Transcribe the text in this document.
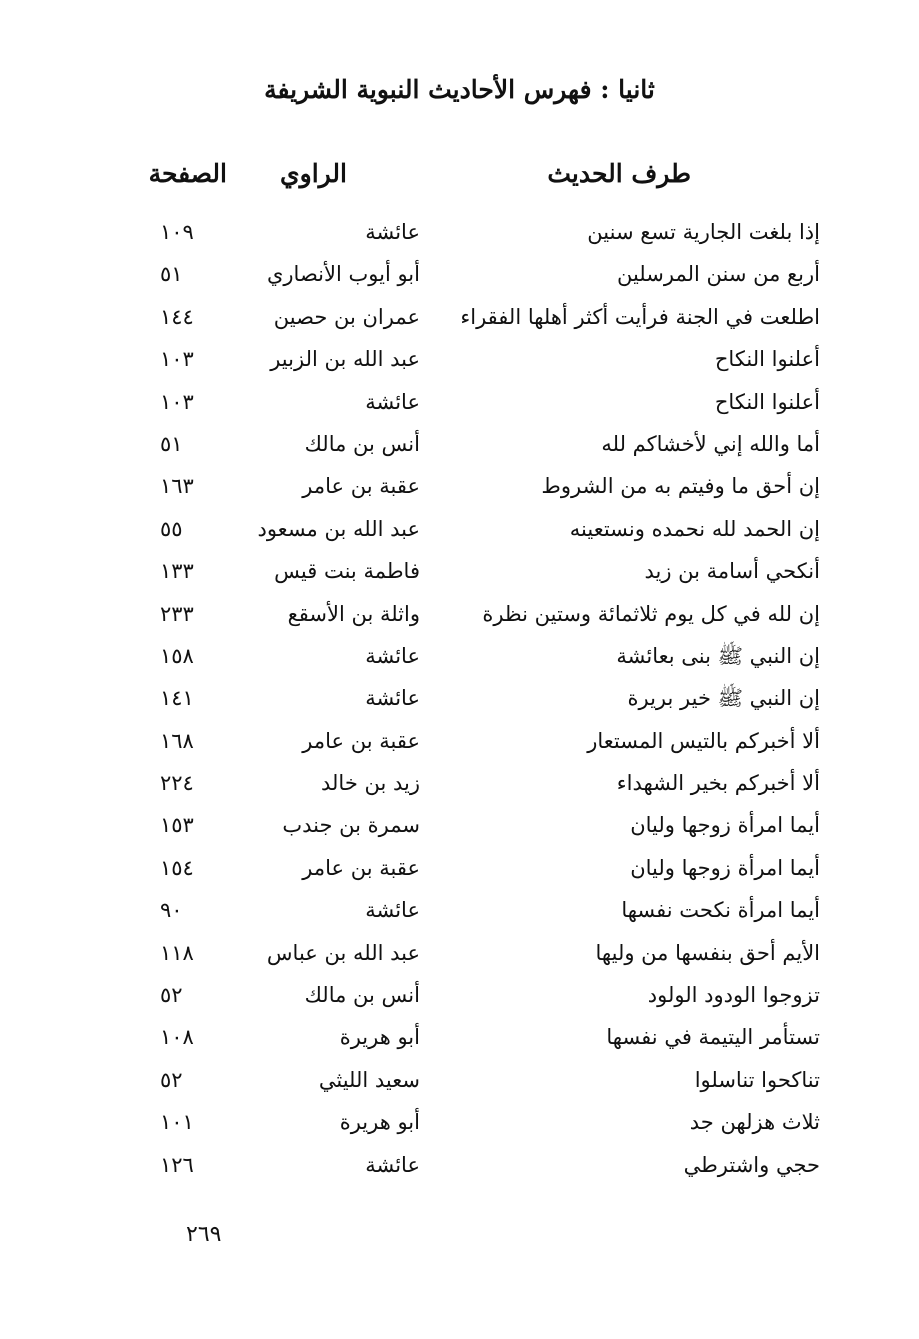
ثانيا : فهرس الأحاديث النبوية الشريفة
طرف الحديث
الراوي
الصفحة
إذا بلغت الجارية تسع سنين
عائشة
١٠٩
أربع من سنن المرسلين
أبو أيوب الأنصاري
٥١
اطلعت في الجنة فرأيت أكثر أهلها الفقراء
عمران بن حصين
١٤٤
أعلنوا النكاح
عبد الله بن الزبير
١٠٣
أعلنوا النكاح
عائشة
١٠٣
أما والله إني لأخشاكم لله
أنس بن مالك
٥١
إن أحق ما وفيتم به من الشروط
عقبة بن عامر
١٦٣
إن الحمد لله نحمده ونستعينه
عبد الله بن مسعود
٥٥
أنكحي أسامة بن زيد
فاطمة بنت قيس
١٣٣
إن لله في كل يوم ثلاثمائة وستين نظرة
واثلة بن الأسقع
٢٣٣
إن النبي ﷺ بنى بعائشة
عائشة
١٥٨
إن النبي ﷺ خير بريرة
عائشة
١٤١
ألا أخبركم بالتيس المستعار
عقبة بن عامر
١٦٨
ألا أخبركم بخير الشهداء
زيد بن خالد
٢٢٤
أيما امرأة زوجها وليان
سمرة بن جندب
١٥٣
أيما امرأة زوجها وليان
عقبة بن عامر
١٥٤
أيما امرأة نكحت نفسها
عائشة
٩٠
الأيم أحق بنفسها من وليها
عبد الله بن عباس
١١٨
تزوجوا الودود الولود
أنس بن مالك
٥٢
تستأمر اليتيمة في نفسها
أبو هريرة
١٠٨
تناكحوا تناسلوا
سعيد الليثي
٥٢
ثلاث هزلهن جد
أبو هريرة
١٠١
حجي واشترطي
عائشة
١٢٦
٢٦٩
